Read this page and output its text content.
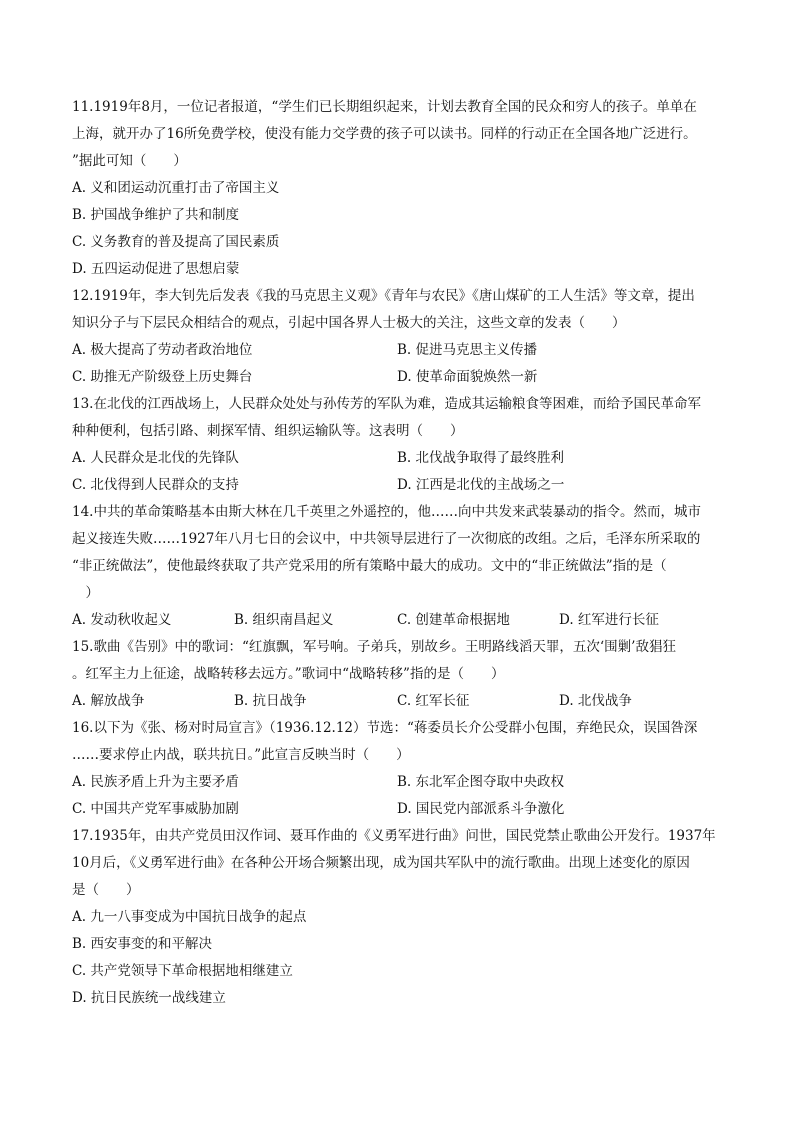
11.1919年8月，一位记者报道，“学生们已长期组织起来，计划去教育全国的民众和穷人的孩子。单单在
上海，就开办了16所免费学校，使没有能力交学费的孩子可以读书。同样的行动正在全国各地广泛进行。
”据此可知（　　）
A. 义和团运动沉重打击了帝国主义
B. 护国战争维护了共和制度
C. 义务教育的普及提高了国民素质
D. 五四运动促进了思想启蒙
12.1919年，李大钊先后发表《我的马克思主义观》《青年与农民》《唐山煤矿的工人生活》等文章，提出
知识分子与下层民众相结合的观点，引起中国各界人士极大的关注，这些文章的发表（　　）
A. 极大提高了劳动者政治地位	B. 促进马克思主义传播
C. 助推无产阶级登上历史舞台	D. 使革命面貌焕然一新
13.在北伐的江西战场上，人民群众处处与孙传芳的军队为难，造成其运输粮食等困难，而给予国民革命军
种种便利，包括引路、刺探军情、组织运输队等。这表明（　　）
A. 人民群众是北伐的先锋队	B. 北伐战争取得了最终胜利
C. 北伐得到人民群众的支持	D. 江西是北伐的主战场之一
14.中共的革命策略基本由斯大林在几千英里之外遥控的，他……向中共发来武装暴动的指令。然而，城市
起义接连失败……1927年八月七日的会议中，中共领导层进行了一次彻底的改组。之后，毛泽东所采取的
“非正统做法”，使他最终获取了共产党采用的所有策略中最大的成功。文中的“非正统做法”指的是（
　）
A. 发动秋收起义	B. 组织南昌起义	C. 创建革命根据地	D. 红军进行长征
15.歌曲《告别》中的歌词：“红旗飘，军号响。子弟兵，别故乡。王明路线滔天罪，五次‘围剿’敌猖狂
。红军主力上征途，战略转移去远方。”歌词中“战略转移”指的是（　　）
A. 解放战争	B. 抗日战争	C. 红军长征	D. 北伐战争
16.以下为《张、杨对时局宣言》（1936.12.12）节选：“蒋委员长介公受群小包围，弃绝民众，误国咎深
……要求停止内战，联共抗日。”此宣言反映当时（　　）
A. 民族矛盾上升为主要矛盾	B. 东北军企图夺取中央政权
C. 中国共产党军事威胁加剧	D. 国民党内部派系斗争激化
17.1935年，由共产党员田汉作词、聂耳作曲的《义勇军进行曲》问世，国民党禁止歌曲公开发行。1937年
10月后，《义勇军进行曲》在各种公开场合频繁出现，成为国共军队中的流行歌曲。出现上述变化的原因
是（　　）
A. 九一八事变成为中国抗日战争的起点
B. 西安事变的和平解决
C. 共产党领导下革命根据地相继建立
D. 抗日民族统一战线建立
